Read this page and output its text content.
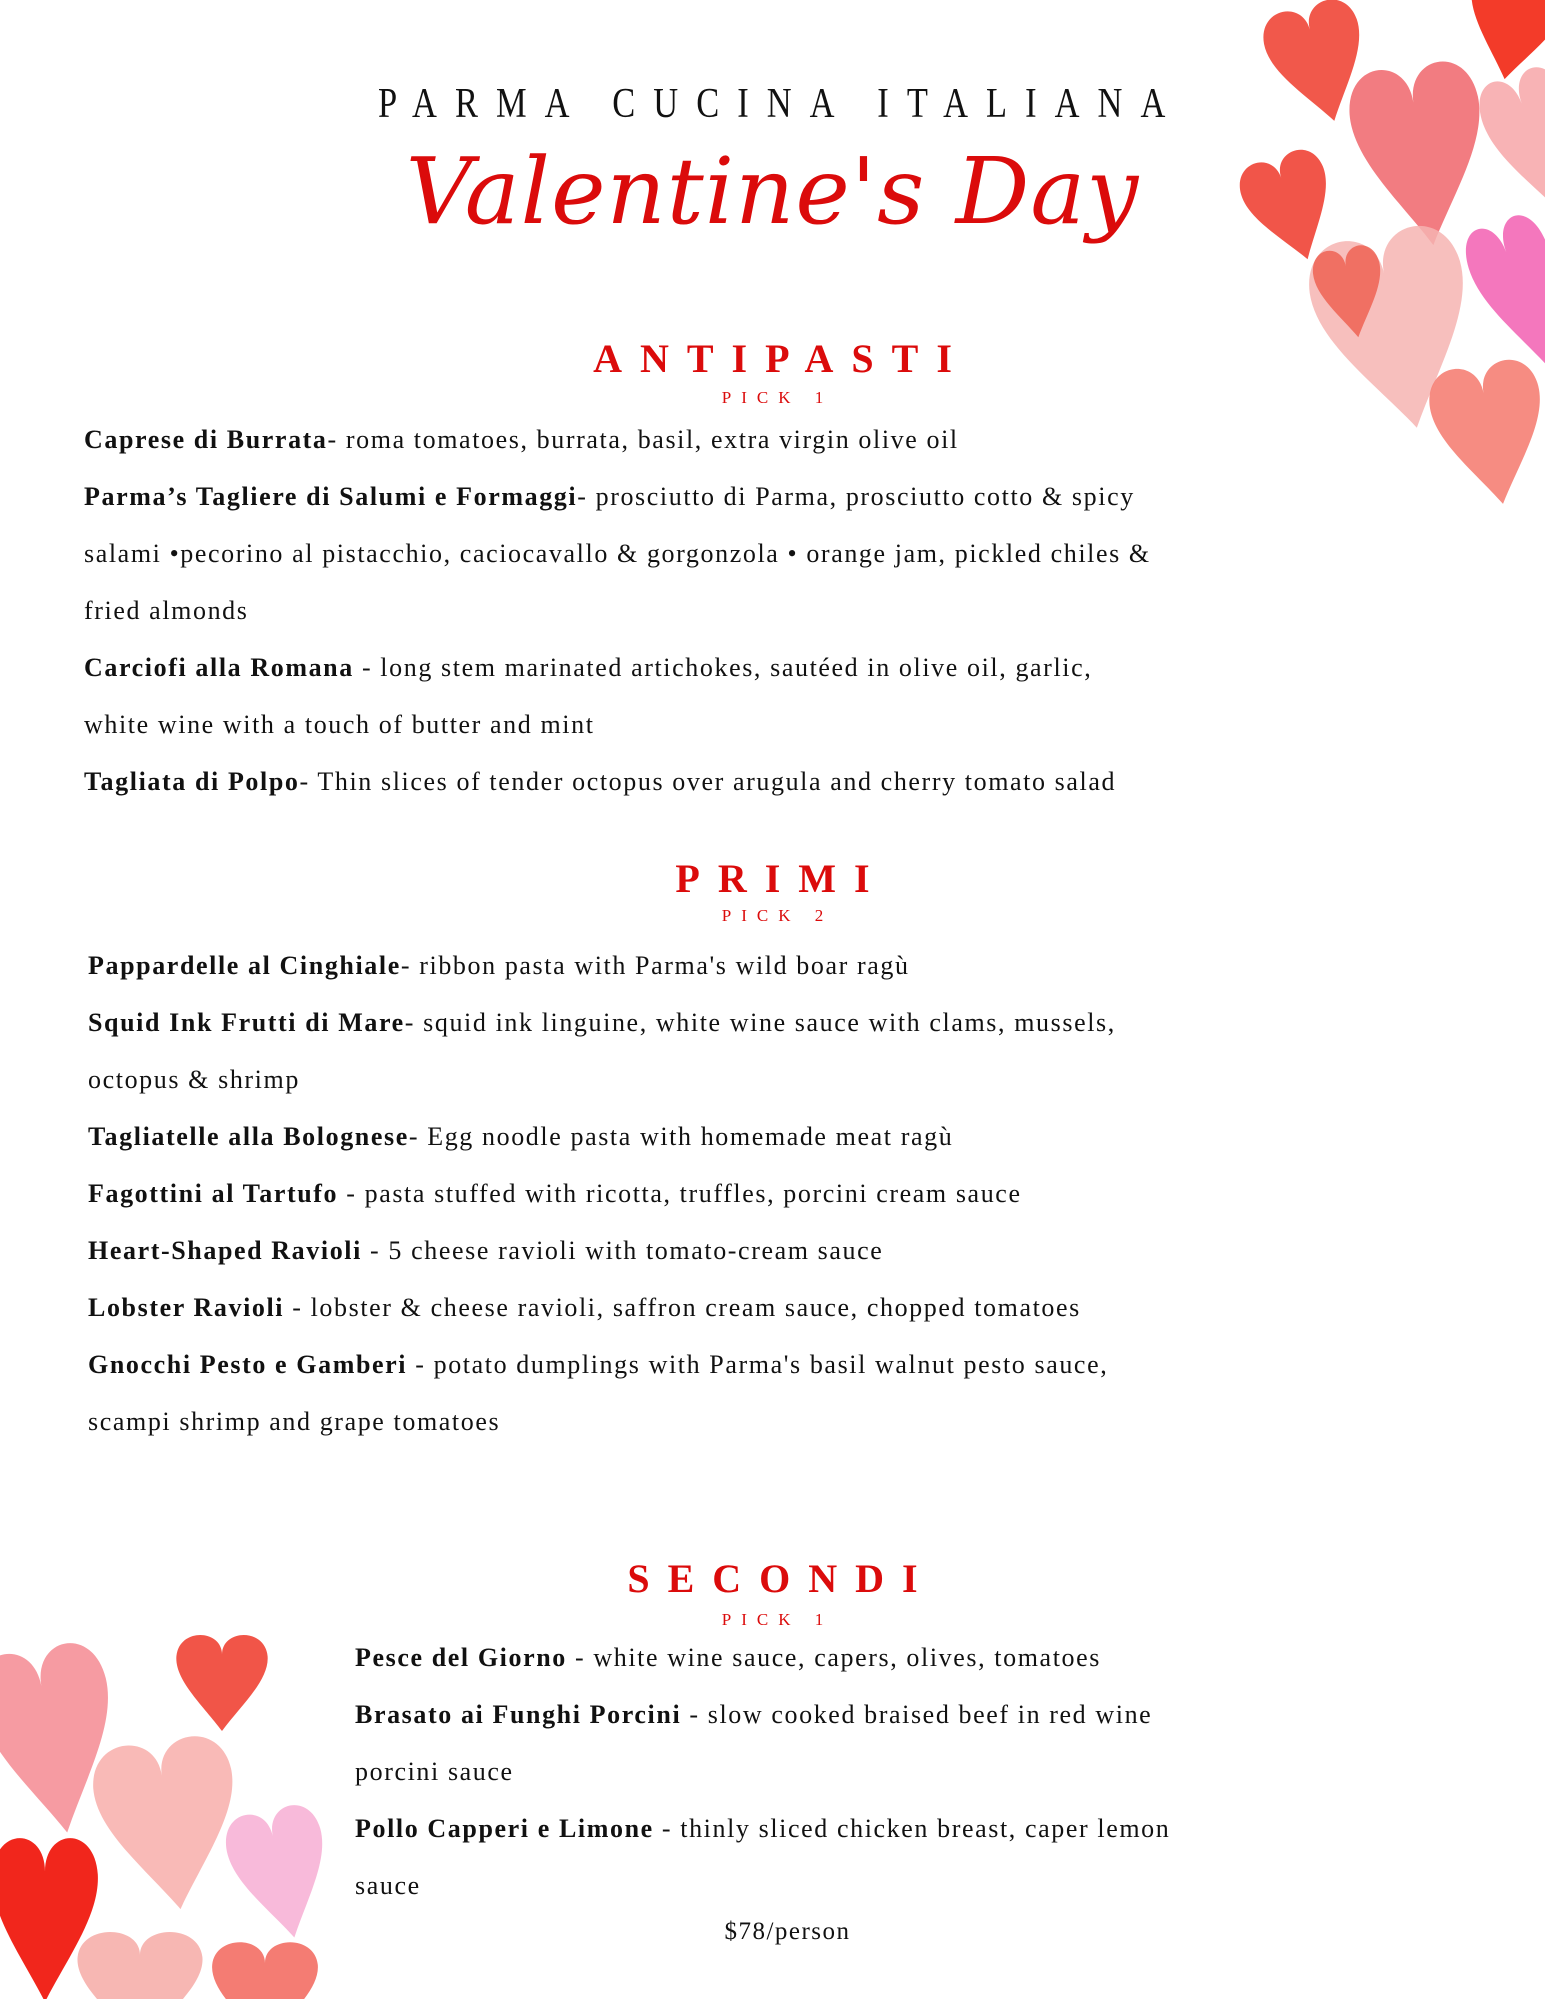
PARMA CUCINA ITALIANA
Valentine's Day
ANTIPASTI
PICK 1
Caprese di Burrata- roma tomatoes, burrata, basil, extra virgin olive oil
Parma’s Tagliere di Salumi e Formaggi- prosciutto di Parma, prosciutto cotto & spicy
salami •pecorino al pistacchio, caciocavallo & gorgonzola • orange jam, pickled chiles &
fried almonds
Carciofi alla Romana - long stem marinated artichokes, sautéed in olive oil, garlic,
white wine with a touch of butter and mint
Tagliata di Polpo- Thin slices of tender octopus over arugula and cherry tomato salad
PRIMI
PICK 2
Pappardelle al Cinghiale- ribbon pasta with Parma's wild boar ragù
Squid Ink Frutti di Mare- squid ink linguine, white wine sauce with clams, mussels,
octopus & shrimp
Tagliatelle alla Bolognese- Egg noodle pasta with homemade meat ragù
Fagottini al Tartufo - pasta stuffed with ricotta, truffles, porcini cream sauce
Heart-Shaped Ravioli - 5 cheese ravioli with tomato-cream sauce
Lobster Ravioli - lobster & cheese ravioli, saffron cream sauce, chopped tomatoes
Gnocchi Pesto e Gamberi - potato dumplings with Parma's basil walnut pesto sauce,
scampi shrimp and grape tomatoes
SECONDI
PICK 1
Pesce del Giorno - white wine sauce, capers, olives, tomatoes
Brasato ai Funghi Porcini - slow cooked braised beef in red wine
porcini sauce
Pollo Capperi e Limone - thinly sliced chicken breast, caper lemon
sauce
$78/person
